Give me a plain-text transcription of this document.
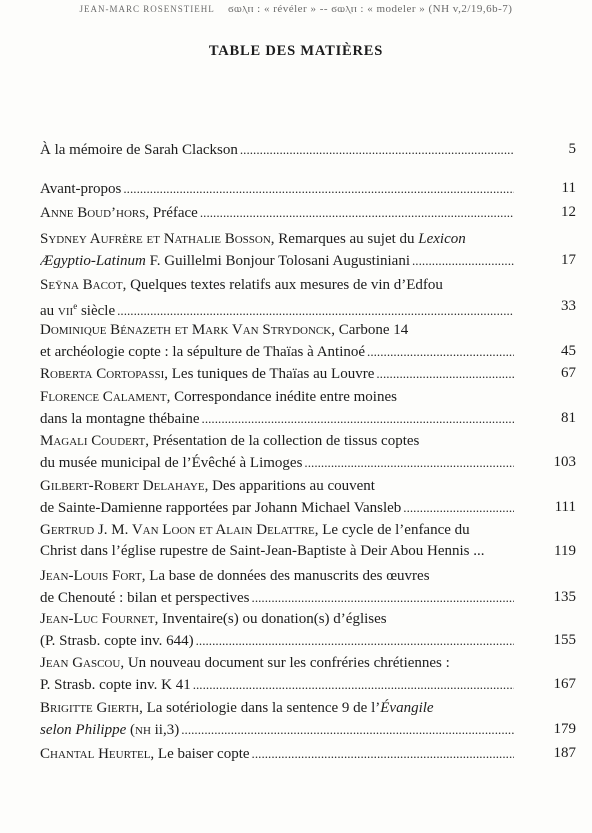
JEAN-MARC ROSENSTIEHL ϭⲱⲗⲡ : « révéler » -- ϭⲱⲗⲡ : « modeler » (NH v,2/19,6b-7)
TABLE DES MATIÈRES
À la mémoire de Sarah Clackson . . .	5
Avant-propos . . .	11
Anne Boud’hors, Préface . . .	12
Sydney Aufrère et Nathalie Bosson, Remarques au sujet du Lexicon
Ægyptio-Latinum F. Guillelmi Bonjour Tolosani Augustiniani . . .	17
Seÿna Bacot, Quelques textes relatifs aux mesures de vin d’Edfou
au vii$^e$ siècle . . .	33
Dominique Bénazeth et Mark Van Strydonck, Carbone 14
et archéologie copte : la sépulture de Thaïas à Antinoé . . .	45
Roberta Cortopassi, Les tuniques de Thaïas au Louvre . . .	67
Florence Calament, Correspondance inédite entre moines
dans la montagne thébaine . . .	81
Magali Coudert, Présentation de la collection de tissus coptes
du musée municipal de l’Évêché à Limoges . . .	103
Gilbert-Robert Delahaye, Des apparitions au couvent
de Sainte-Damienne rapportées par Johann Michael Vansleb . . .	111
Gertrud J. M. Van Loon et Alain Delattre, Le cycle de l’enfance du
Christ dans l’église rupestre de Saint-Jean-Baptiste à Deir Abou Hennis ...	119
Jean-Louis Fort, La base de données des manuscrits des œuvres
de Chenouté : bilan et perspectives . . .	135
Jean-Luc Fournet, Inventaire(s) ou donation(s) d’églises
(P. Strasb. copte inv. 644) . . .	155
Jean Gascou, Un nouveau document sur les confréries chrétiennes :
P. Strasb. copte inv. K 41 . . .	167
Brigitte Gierth, La sotériologie dans la sentence 9 de l’Évangile
selon Philippe (nh ii,3) . . .	179
Chantal Heurtel, Le baiser copte . . .	187
